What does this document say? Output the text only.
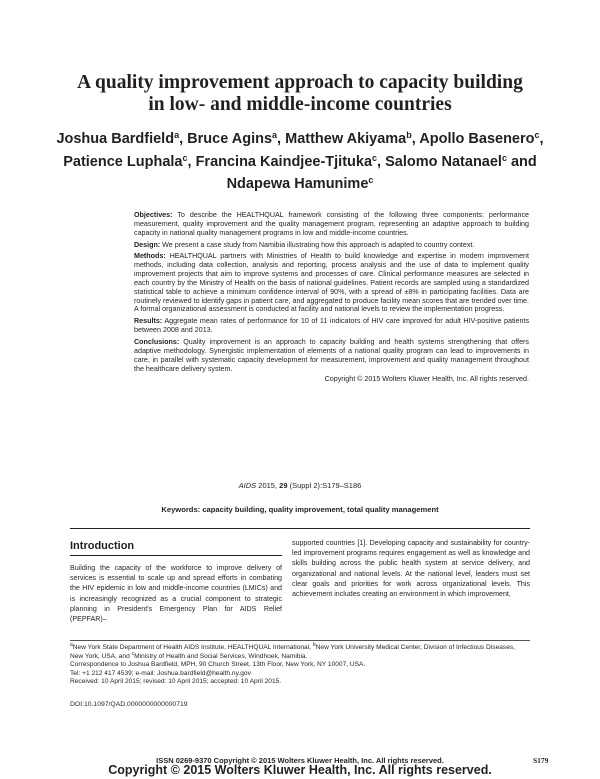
A quality improvement approach to capacity building
in low- and middle-income countries
Joshua Bardfield$^a$, Bruce Agins$^a$, Matthew Akiyama$^b$, Apollo Basenero$^c$,
Patience Luphala$^c$, Francina Kaindjee-Tjituka$^c$, Salomo Natanael$^c$ and
Ndapewa Hamunime$^c$

Objectives: To describe the HEALTHQUAL framework consisting of the following three components: performance measurement, quality improvement and the quality management program, representing an adaptive approach to building capacity in national quality management programs in low and middle-income countries.

Design: We present a case study from Namibia illustrating how this approach is adapted to country context.

Methods: HEALTHQUAL partners with Ministries of Health to build knowledge and expertise in modern improvement methods, including data collection, analysis and reporting, process analysis and the use of data to implement quality improvement projects that aim to improve systems and processes of care. Clinical performance measures are selected in each country by the Ministry of Health on the basis of national guidelines. Patient records are sampled using a standardized statistical table to achieve a minimum confidence interval of 90%, with a spread of ±8% in participating facilities. Data are routinely reviewed to identify gaps in patient care, and aggregated to produce facility mean scores that are trended over time. A formal organizational assessment is conducted at facility and national levels to review the implementation progress.

Results: Aggregate mean rates of performance for 10 of 11 indicators of HIV care improved for adult HIV-positive patients between 2008 and 2013.

Conclusions: Quality improvement is an approach to capacity building and health systems strengthening that offers adaptive methodology. Synergistic implementation of elements of a national quality program can lead to improvements in care, in parallel with systematic capacity development for measurement, improvement and quality management throughout the healthcare delivery system.

Copyright © 2015 Wolters Kluwer Health, Inc. All rights reserved.
AIDS 2015, 29 (Suppl 2):S179–S186
Keywords: capacity building, quality improvement, total quality management
Introduction
Building the capacity of the workforce to improve delivery of services is essential to scale up and spread efforts in combating the HIV epidemic in low and middle-income countries (LMICs) and is increasingly recognized as a crucial component to strategic planning in President's Emergency Plan for AIDS Relief (PEPFAR)–
supported countries [1]. Developing capacity and sustainability for country-led improvement programs requires engagement as well as knowledge and skills building across the public health system at service delivery, and organizational and national levels. At the national level, leaders must set clear goals and priorities for work across organizational levels. This achievement includes creating an environment in which improvement,
$^a$New York State Department of Health AIDS Institute, HEALTHQUAL International, $^b$New York University Medical Center, Division of Infectious Diseases, New York, USA, and $^c$Ministry of Health and Social Services, Windhoek, Namibia.
Correspondence to Joshua Bardfield, MPH, 90 Church Street, 13th Floor, New York, NY 10007, USA.
Tel: +1 212 417 4539; e-mail: Joshua.bardfield@health.ny.gov
Received: 10 April 2015; revised: 10 April 2015; accepted: 10 April 2015.
DOI:10.1097/QAD.0000000000000719
ISSN 0269-9370 Copyright © 2015 Wolters Kluwer Health, Inc. All rights reserved.	S179
Copyright © 2015 Wolters Kluwer Health, Inc. All rights reserved.
